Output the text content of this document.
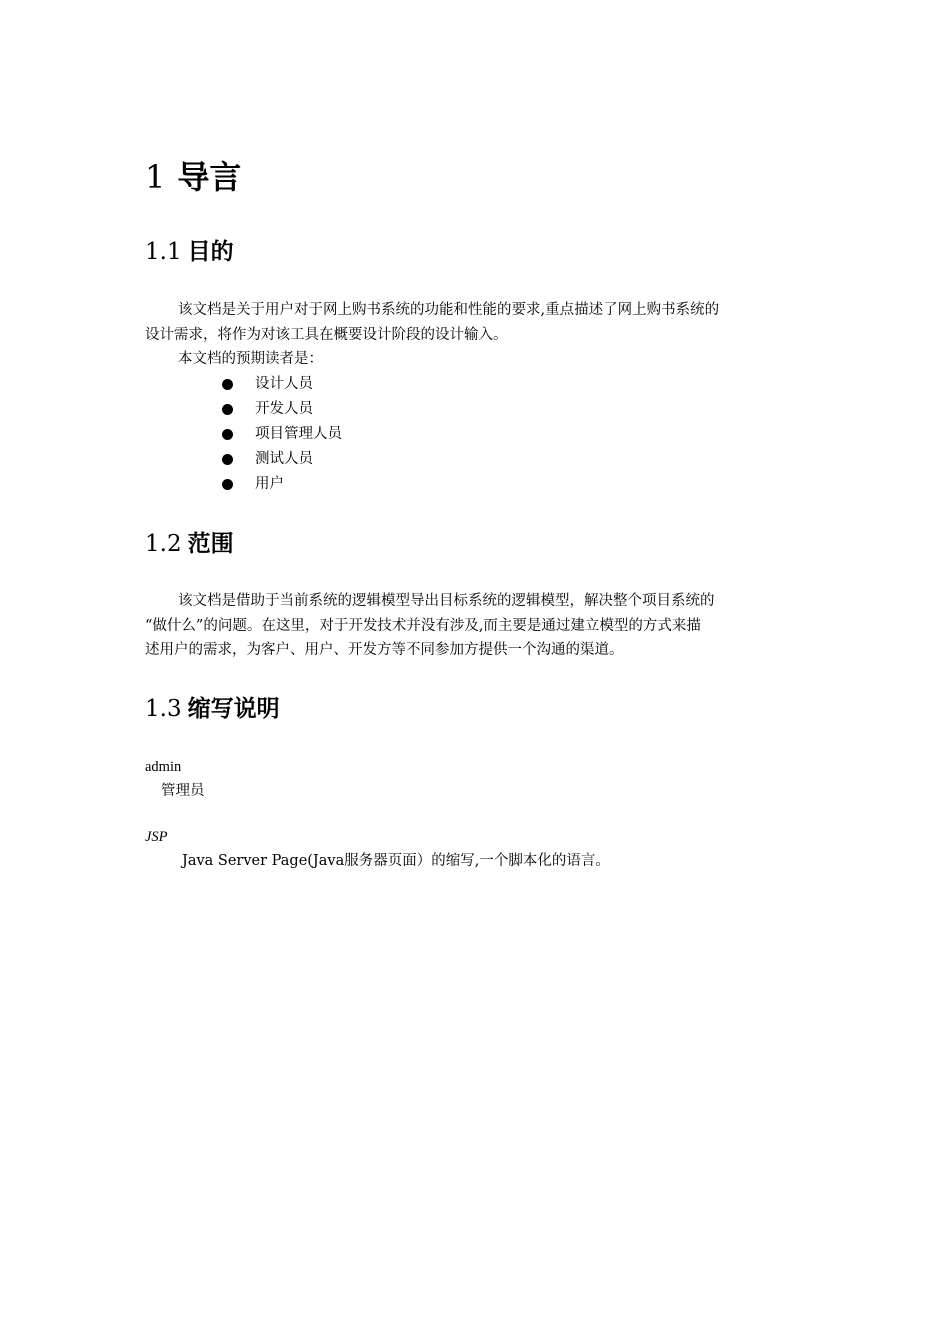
1 导言
1.1 目的
该文档是关于用户对于网上购书系统的功能和性能的要求,重点描述了网上购书系统的
设计需求，将作为对该工具在概要设计阶段的设计输入。
本文档的预期读者是：
设计人员
开发人员
项目管理人员
测试人员
用户
1.2 范围
该文档是借助于当前系统的逻辑模型导出目标系统的逻辑模型，解决整个项目系统的
“做什么”的问题。在这里，对于开发技术并没有涉及,而主要是通过建立模型的方式来描
述用户的需求，为客户、用户、开发方等不同参加方提供一个沟通的渠道。
1.3 缩写说明
admin
管理员
JSP
Java Server Page(Java服务器页面）的缩写,一个脚本化的语言。
